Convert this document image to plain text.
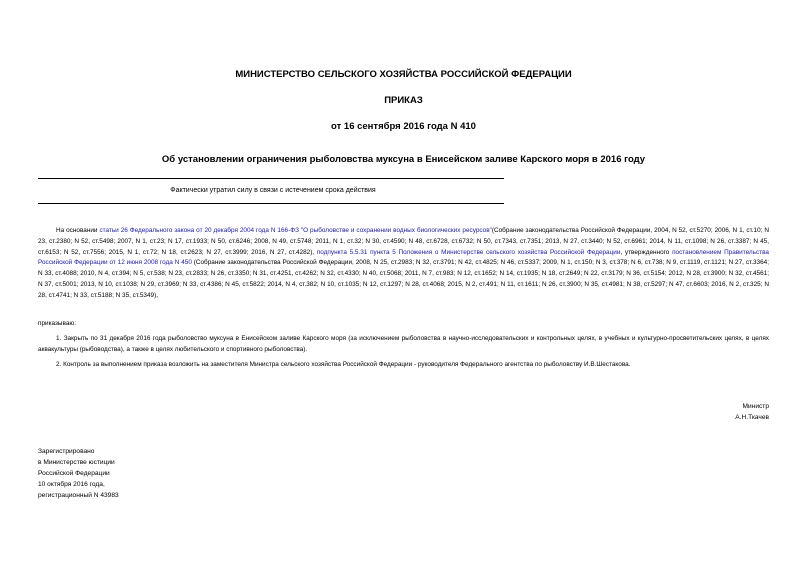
МИНИСТЕРСТВО СЕЛЬСКОГО ХОЗЯЙСТВА РОССИЙСКОЙ ФЕДЕРАЦИИ
ПРИКАЗ
от 16 сентября 2016 года N 410
Об установлении ограничения рыболовства муксуна в Енисейском заливе Карского моря в 2016 году
Фактически утратил силу в связи с истечением срока действия

На основании статьи 26 Федерального закона от 20 декабря 2004 года N 166-ФЗ "О рыболовстве и сохранении водных биологических ресурсов"(Собрание законодательства Российской Федерации, 2004, N 52, ст.5270; 2006, N 1, ст.10; N 23, ст.2380; N 52, ст.5498; 2007, N 1, ст.23; N 17, ст.1933; N 50, ст.6246; 2008, N 49, ст.5748; 2011, N 1, ст.32; N 30, ст.4590; N 48, ст.6728, ст.6732; N 50, ст.7343, ст.7351; 2013, N 27, ст.3440; N 52, ст.6961; 2014, N 11, ст.1098; N 26, ст.3387; N 45, ст.6153; N 52, ст.7556; 2015, N 1, ст.72; N 18, ст.2623; N 27, ст.3999; 2016, N 27, ст.4282), подпункта 5.5.31 пункта 5 Положения о Министерстве сельского хозяйства Российской Федерации, утвержденного постановлением Правительства Российской Федерации от 12 июня 2008 года N 450 (Собрание законодательства Российской Федерации, 2008, N 25, ст.2983; N 32, ст.3791; N 42, ст.4825; N 46, ст.5337; 2009, N 1, ст.150; N 3, ст.378; N 6, ст.738; N 9, ст.1119, ст.1121; N 27, ст.3364; N 33, ст.4088; 2010, N 4, ст.394; N 5, ст.538; N 23, ст.2833; N 26, ст.3350; N 31, ст.4251, ст.4262; N 32, ст.4330; N 40, ст.5068; 2011, N 7, ст.983; N 12, ст.1652; N 14, ст.1935; N 18, ст.2649; N 22, ст.3179; N 36, ст.5154; 2012, N 28, ст.3900; N 32, ст.4561; N 37, ст.5001; 2013, N 10, ст.1038; N 29, ст.3969; N 33, ст.4386; N 45, ст.5822; 2014, N 4, ст.382; N 10, ст.1035; N 12, ст.1297; N 28, ст.4068; 2015, N 2, ст.491; N 11, ст.1611; N 26, ст.3900; N 35, ст.4981; N 38, ст.5297; N 47, ст.6603; 2016, N 2, ст.325; N 28, ст.4741; N 33, ст.5188; N 35, ст.5349),

приказываю:

1. Закрыть по 31 декабря 2016 года рыболовство муксуна в Енисейском заливе Карского моря (за исключением рыболовства в научно-исследовательских и контрольных целях, в учебных и культурно-просветительских целях, в целях аквакультуры (рыбоводства), а также в целях любительского и спортивного рыболовства).

2. Контроль за выполнением приказа возложить на заместителя Министра сельского хозяйства Российской Федерации - руководителя Федерального агентства по рыболовству И.В.Шестакова.

Министр
А.Н.Ткачев
Зарегистрировано
в Министерстве юстиции
Российской Федерации
10 октября 2016 года,
регистрационный N 43983
